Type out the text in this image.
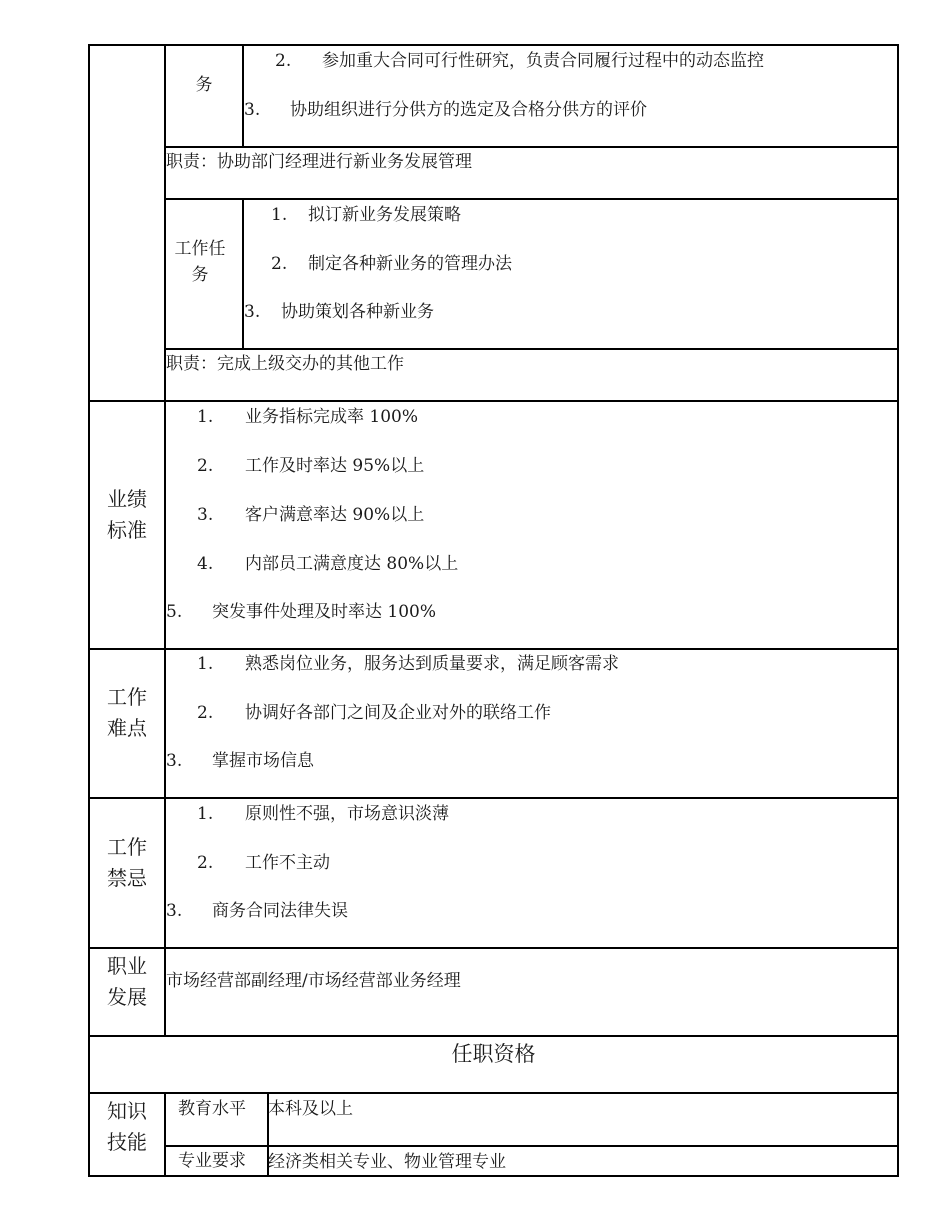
务
2. 参加重大合同可行性研究，负责合同履行过程中的动态监控
3. 协助组织进行分供方的选定及合格分供方的评价
职责：协助部门经理进行新业务发展管理
工作任务
1. 拟订新业务发展策略
2. 制定各种新业务的管理办法
3. 协助策划各种新业务
职责：完成上级交办的其他工作
业绩标准
1. 业务指标完成率 100%
2. 工作及时率达 95%以上
3. 客户满意率达 90%以上
4. 内部员工满意度达 80%以上
5. 突发事件处理及时率达 100%
工作难点
1. 熟悉岗位业务，服务达到质量要求，满足顾客需求
2. 协调好各部门之间及企业对外的联络工作
3. 掌握市场信息
工作禁忌
1. 原则性不强，市场意识淡薄
2. 工作不主动
3. 商务合同法律失误
职业发展
市场经营部副经理/市场经营部业务经理
任职资格
知识技能
教育水平	本科及以上
专业要求	经济类相关专业、物业管理专业
